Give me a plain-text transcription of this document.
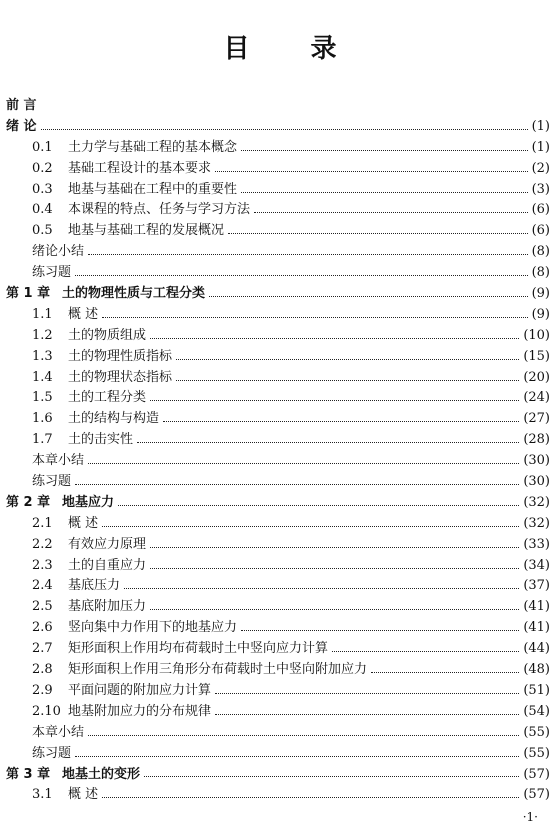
目 录
前 言
绪 论	(1)
0.1	土力学与基础工程的基本概念	(1)
0.2	基础工程设计的基本要求	(2)
0.3	地基与基础在工程中的重要性	(3)
0.4	本课程的特点、任务与学习方法	(6)
0.5	地基与基础工程的发展概况	(6)
绪论小结	(8)
练习题	(8)
第 1 章 土的物理性质与工程分类	(9)
1.1	概 述	(9)
1.2	土的物质组成	(10)
1.3	土的物理性质指标	(15)
1.4	土的物理状态指标	(20)
1.5	土的工程分类	(24)
1.6	土的结构与构造	(27)
1.7	土的击实性	(28)
本章小结	(30)
练习题	(30)
第 2 章 地基应力	(32)
2.1	概 述	(32)
2.2	有效应力原理	(33)
2.3	土的自重应力	(34)
2.4	基底压力	(37)
2.5	基底附加压力	(41)
2.6	竖向集中力作用下的地基应力	(41)
2.7	矩形面积上作用均布荷载时土中竖向应力计算	(44)
2.8	矩形面积上作用三角形分布荷载时土中竖向附加应力	(48)
2.9	平面问题的附加应力计算	(51)
2.10 地基附加应力的分布规律	(54)
本章小结	(55)
练习题	(55)
第 3 章 地基土的变形	(57)
3.1	概 述	(57)
·1·
